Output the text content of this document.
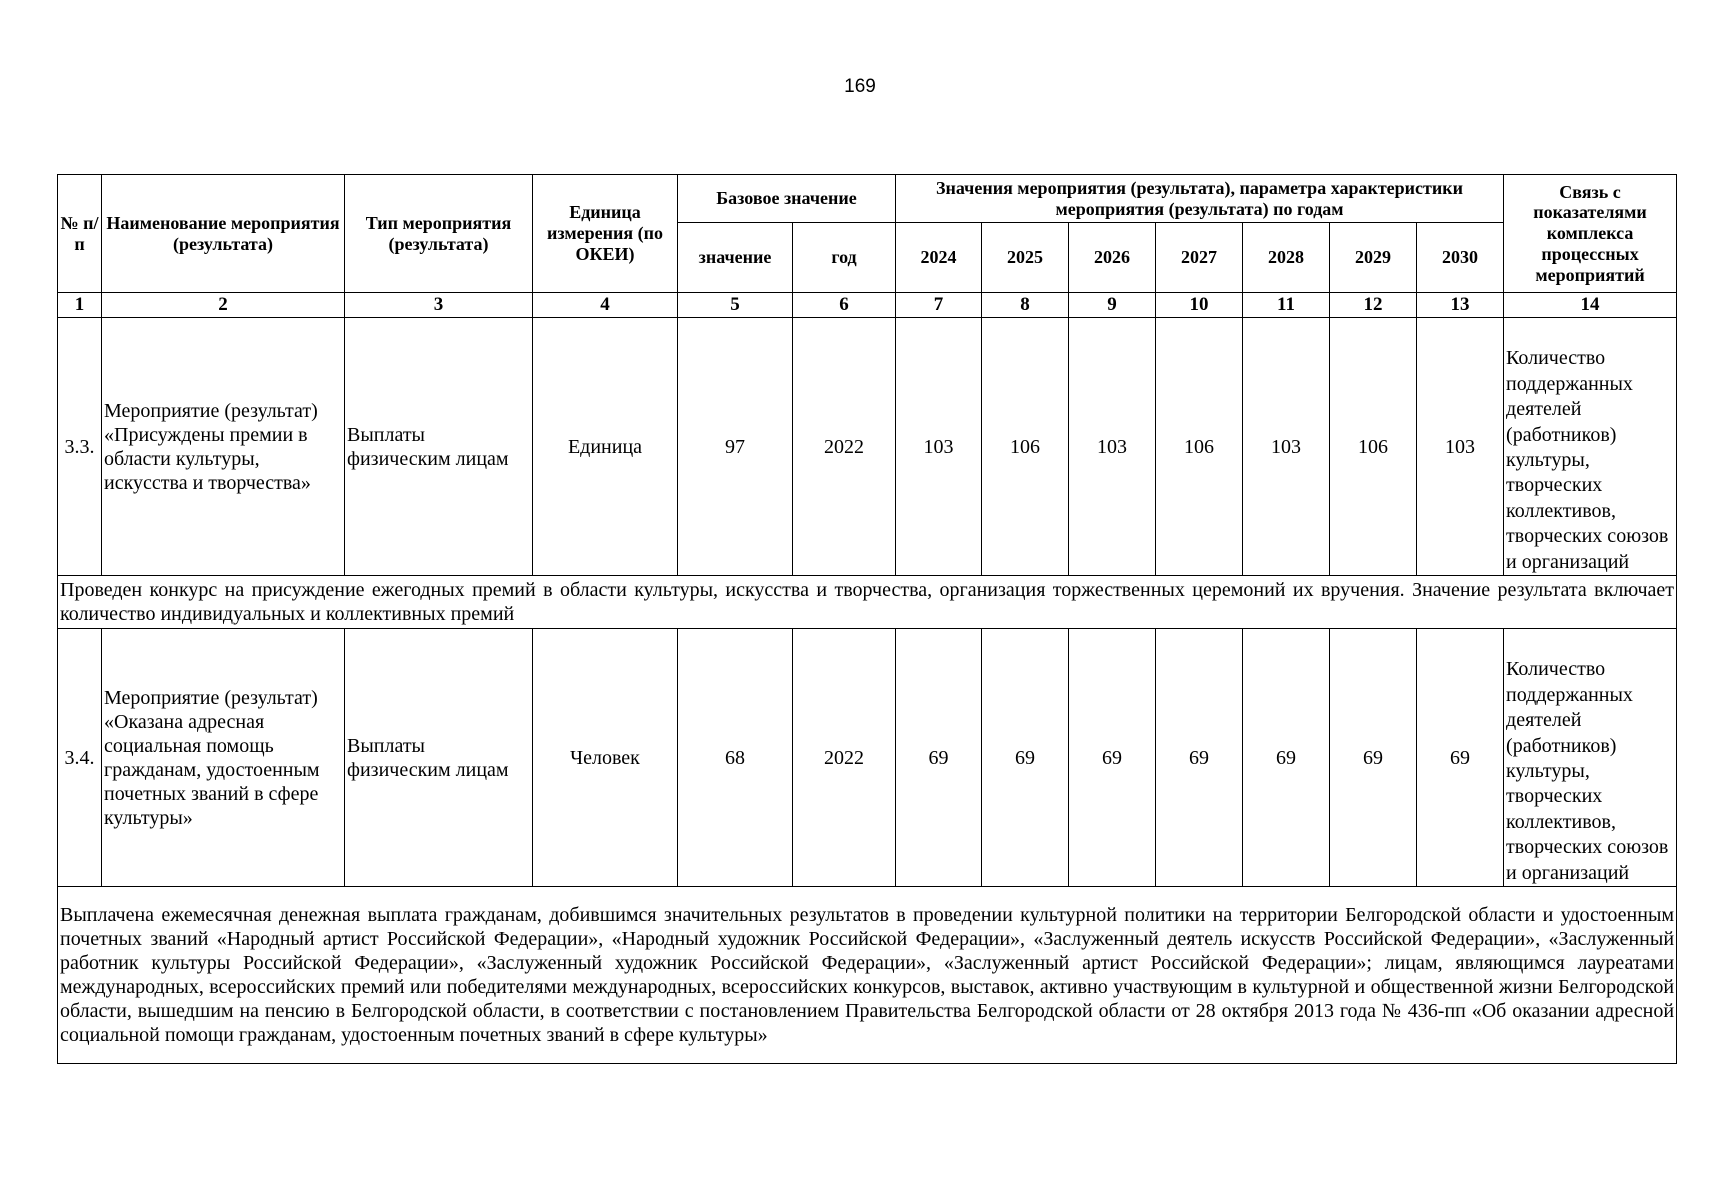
169
№ п/п	Наименование мероприятия (результата)	Тип мероприятия (результата)	Единица измерения (по ОКЕИ)	Базовое значение		Значения мероприятия (результата), параметра характеристики мероприятия (результата) по годам							Связь с показателями комплекса процессных мероприятий
				значение	год	2024	2025	2026	2027	2028	2029	2030	
1	2	3	4	5	6	7	8	9	10	11	12	13	14
3.3.	Мероприятие (результат) «Присуждены премии в области культуры, искусства и творчества»	Выплаты физическим лицам	Единица	97	2022	103	106	103	106	103	106	103	Количество поддержанных деятелей (работников) культуры, творческих коллективов, творческих союзов и организаций
Проведен конкурс на присуждение ежегодных премий в области культуры, искусства и творчества, организация торжественных церемоний их вручения. Значение результата включает количество индивидуальных и коллективных премий													
3.4.	Мероприятие (результат) «Оказана адресная социальная помощь гражданам, удостоенным почетных званий в сфере культуры»	Выплаты физическим лицам	Человек	68	2022	69	69	69	69	69	69	69	Количество поддержанных деятелей (работников) культуры, творческих коллективов, творческих союзов и организаций
Выплачена ежемесячная денежная выплата гражданам, добившимся значительных результатов в проведении культурной политики на территории Белгородской области и удостоенным почетных званий «Народный артист Российской Федерации», «Народный художник Российской Федерации», «Заслуженный деятель искусств Российской Федерации», «Заслуженный работник культуры Российской Федерации», «Заслуженный художник Российской Федерации», «Заслуженный артист Российской Федерации»; лицам, являющимся лауреатами международных, всероссийских премий или победителями международных, всероссийских конкурсов, выставок, активно участвующим в культурной и общественной жизни Белгородской области, вышедшим на пенсию в Белгородской области, в соответствии с постановлением Правительства Белгородской области от 28 октября 2013 года № 436-пп «Об оказании адресной социальной помощи гражданам, удостоенным почетных званий в сфере культуры»													
